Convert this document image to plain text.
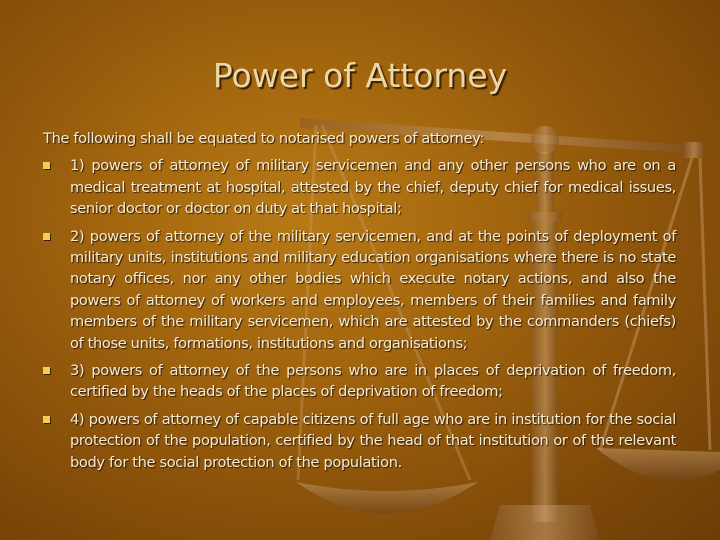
Power of Attorney

The following shall be equated to notarised powers of attorney:

1) powers of attorney of military servicemen and any other persons who are on a medical treatment at hospital, attested by the chief, deputy chief for medical issues, senior doctor or doctor on duty at that hospital;
2) powers of attorney of the military servicemen, and at the points of deployment of military units, institutions and military education organisations where there is no state notary offices, nor any other bodies which execute notary actions, and also the powers of attorney of workers and employees, members of their families and family members of the military servicemen, which are attested by the commanders (chiefs) of those units, formations, institutions and organisations;
3) powers of attorney of the persons who are in places of deprivation of freedom, certified by the heads of the places of deprivation of freedom;
4) powers of attorney of capable citizens of full age who are in institution for the social protection of the population, certified by the head of that institution or of the relevant body for the social protection of the population.
